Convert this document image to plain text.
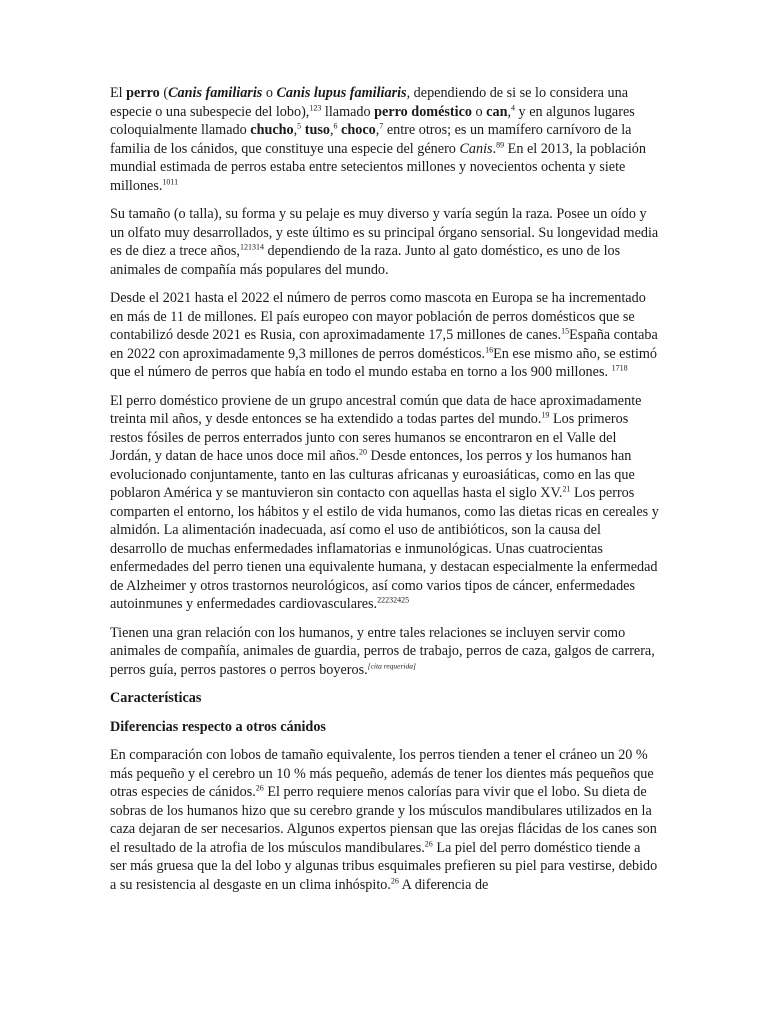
El perro (Canis familiaris o Canis lupus familiaris, dependiendo de si se lo considera una especie o una subespecie del lobo),$^{123}$ llamado perro doméstico o can,$^4$ y en algunos lugares coloquialmente llamado chucho,$^5$ tuso,$^6$ choco,$^7$ entre otros; es un mamífero carnívoro de la familia de los cánidos, que constituye una especie del género Canis.$^{89}$ En el 2013, la población mundial estimada de perros estaba entre setecientos millones y novecientos ochenta y siete millones.$^{1011}$

Su tamaño (o talla), su forma y su pelaje es muy diverso y varía según la raza. Posee un oído y un olfato muy desarrollados, y este último es su principal órgano sensorial. Su longevidad media es de diez a trece años,$^{121314}$ dependiendo de la raza. Junto al gato doméstico, es uno de los animales de compañía más populares del mundo.

Desde el 2021 hasta el 2022 el número de perros como mascota en Europa se ha incrementado en más de 11 de millones. El país europeo con mayor población de perros domésticos que se contabilizó desde 2021 es Rusia, con aproximadamente 17,5 millones de canes.$^{15}$España contaba en 2022 con aproximadamente 9,3 millones de perros domésticos.$^{16}$En ese mismo año, se estimó que el número de perros que había en todo el mundo estaba en torno a los 900 millones. $^{1718}$

El perro doméstico proviene de un grupo ancestral común que data de hace aproximadamente treinta mil años, y desde entonces se ha extendido a todas partes del mundo.$^{19}$ Los primeros restos fósiles de perros enterrados junto con seres humanos se encontraron en el Valle del Jordán, y datan de hace unos doce mil años.$^{20}$ Desde entonces, los perros y los humanos han evolucionado conjuntamente, tanto en las culturas africanas y euroasiáticas, como en las que poblaron América y se mantuvieron sin contacto con aquellas hasta el siglo XV.$^{21}$ Los perros comparten el entorno, los hábitos y el estilo de vida humanos, como las dietas ricas en cereales y almidón. La alimentación inadecuada, así como el uso de antibióticos, son la causa del desarrollo de muchas enfermedades inflamatorias e inmunológicas. Unas cuatrocientas enfermedades del perro tienen una equivalente humana, y destacan especialmente la enfermedad de Alzheimer y otros trastornos neurológicos, así como varios tipos de cáncer, enfermedades autoinmunes y enfermedades cardiovasculares.$^{22232425}$

Tienen una gran relación con los humanos, y entre tales relaciones se incluyen servir como animales de compañía, animales de guardia, perros de trabajo, perros de caza, galgos de carrera, perros guía, perros pastores o perros boyeros.[cita requerida]

Características

Diferencias respecto a otros cánidos

En comparación con lobos de tamaño equivalente, los perros tienden a tener el cráneo un 20 % más pequeño y el cerebro un 10 % más pequeño, además de tener los dientes más pequeños que otras especies de cánidos.$^{26}$ El perro requiere menos calorías para vivir que el lobo. Su dieta de sobras de los humanos hizo que su cerebro grande y los músculos mandibulares utilizados en la caza dejaran de ser necesarios. Algunos expertos piensan que las orejas flácidas de los canes son el resultado de la atrofia de los músculos mandibulares.$^{26}$ La piel del perro doméstico tiende a ser más gruesa que la del lobo y algunas tribus esquimales prefieren su piel para vestirse, debido a su resistencia al desgaste en un clima inhóspito.$^{26}$ A diferencia de
